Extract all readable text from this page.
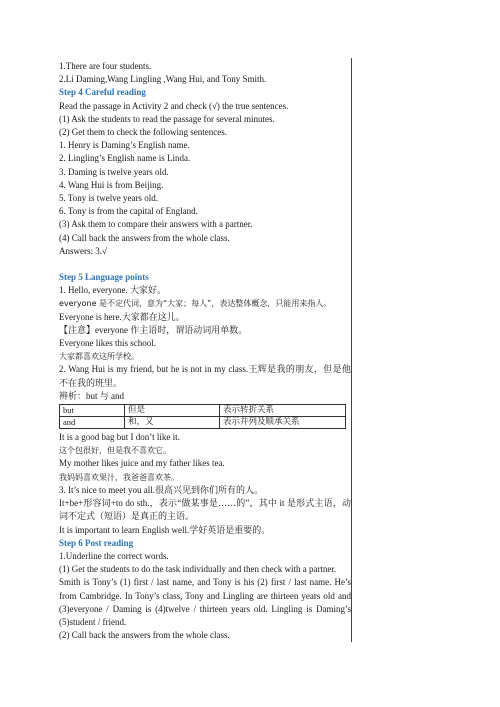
1.There are four students.
2.Li Daming,Wang Lingling ,Wang Hui, and Tony Smith.
Step 4 Careful reading
Read the passage in Activity 2 and check (√) the true sentences.
(1) Ask the students to read the passage for several minutes.
(2) Get them to check the following sentences.
1. Henry is Daming’s English name.
2. Lingling’s English name is Linda.
3. Daming is twelve years old.
4. Wang Hui is from Beijing.
5. Tony is twelve years old.
6. Tony is from the capital of England.
(3) Ask them to compare their answers with a partner.
(4) Call back the answers from the whole class.
Answers: 3.√
Step 5 Language points
1. Hello, everyone. 大家好。
everyone 是不定代词，意为“大家；每人”，表达整体概念，只能用来指人。
Everyone is here.大家都在这儿。
【注意】everyone 作主语时，谓语动词用单数。
Everyone likes this school.
大家都喜欢这所学校。
2. Wang Hui is my friend, but he is not in my class.王辉是我的朋友，但是他不在我的班里。
辨析：but 与 and
but	但是	表示转折关系
and	和，又	表示并列及顺承关系
It is a good bag but I don’t like it.
这个包很好，但是我不喜欢它。
My mother likes juice and my father likes tea.
我妈妈喜欢果汁，我爸爸喜欢茶。
3. It’s nice to meet you all.很高兴见到你们所有的人。
It+be+形容词+to do sth.，表示“做某事是……的”，其中 it 是形式主语，动词不定式（短语）是真正的主语。
It is important to learn English well.学好英语是重要的。
Step 6 Post reading
1.Underline the correct words.
(1) Get the students to do the task individually and then check with a partner.
Smith is Tony’s (1) first / last name, and Tony is his (2) first / last name. He’s from Cambridge. In Tony’s class, Tony and Lingling are thirteen years old and (3)everyone / Daming is (4)twelve / thirteen years old. Lingling is Daming’s (5)student / friend.
(2) Call back the answers from the whole class.
